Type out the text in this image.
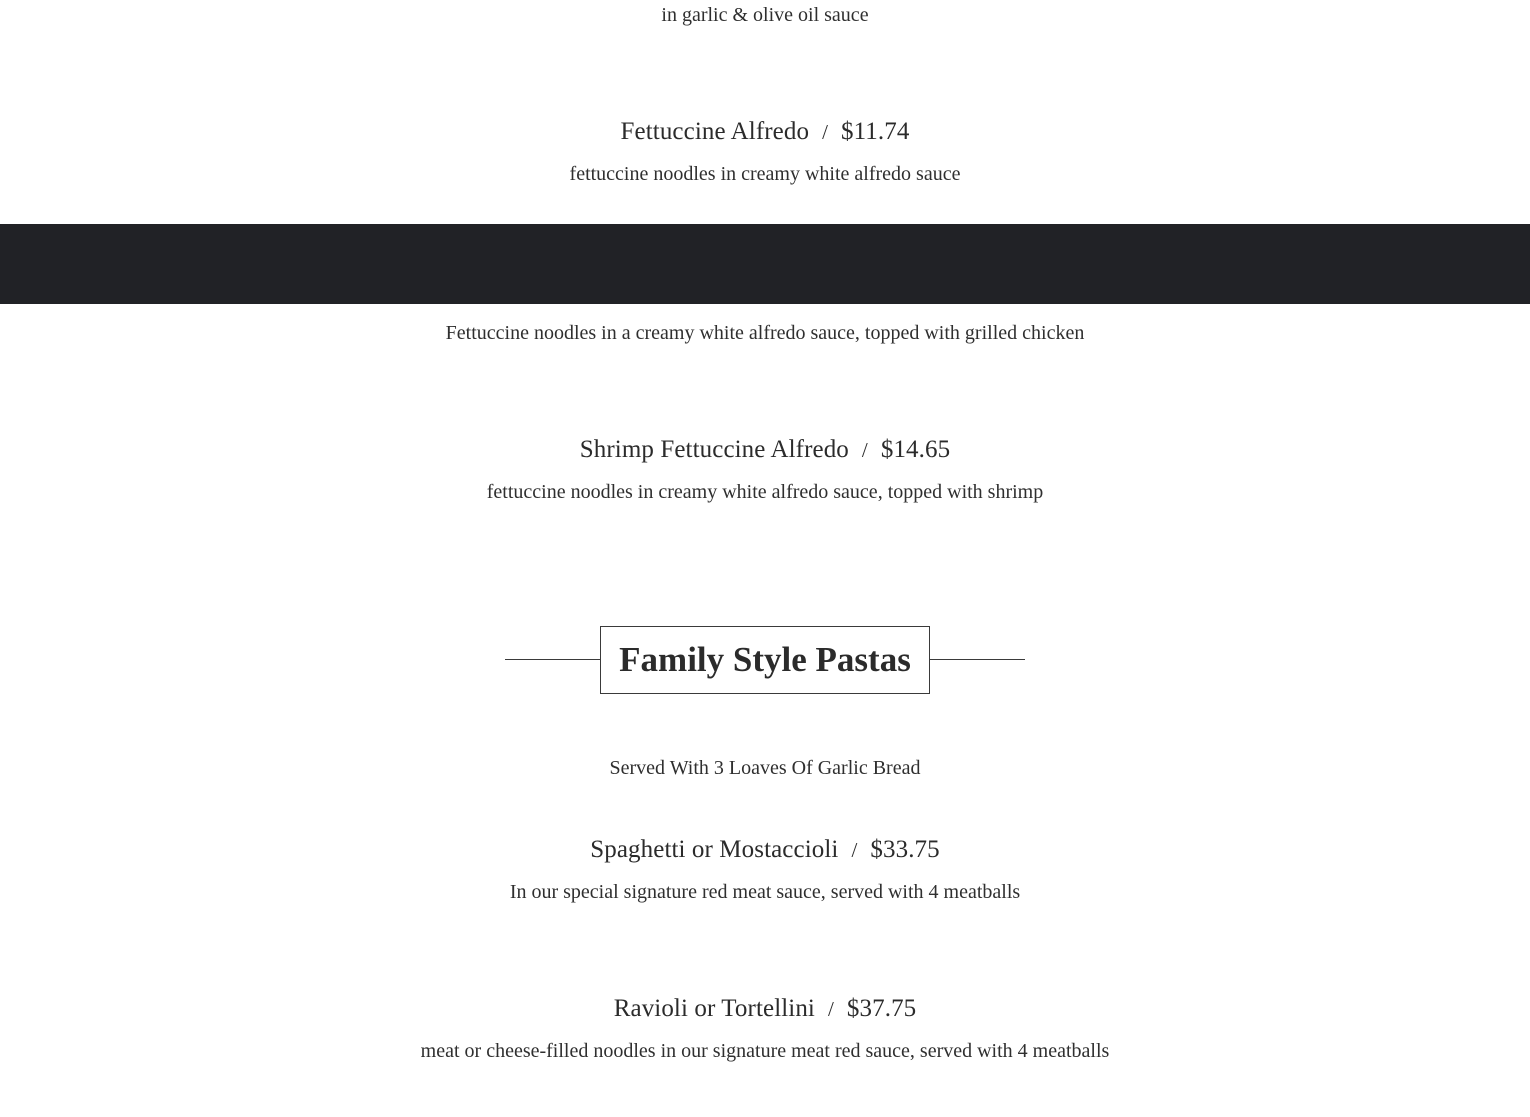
in garlic & olive oil sauce
Fettuccine Alfredo / $11.74
fettuccine noodles in creamy white alfredo sauce
Fettuccine noodles in a creamy white alfredo sauce, topped with grilled chicken
Shrimp Fettuccine Alfredo / $14.65
fettuccine noodles in creamy white alfredo sauce, topped with shrimp
Family Style Pastas
Served With 3 Loaves Of Garlic Bread
Spaghetti or Mostaccioli / $33.75
In our special signature red meat sauce, served with 4 meatballs
Ravioli or Tortellini / $37.75
meat or cheese-filled noodles in our signature meat red sauce, served with 4 meatballs
